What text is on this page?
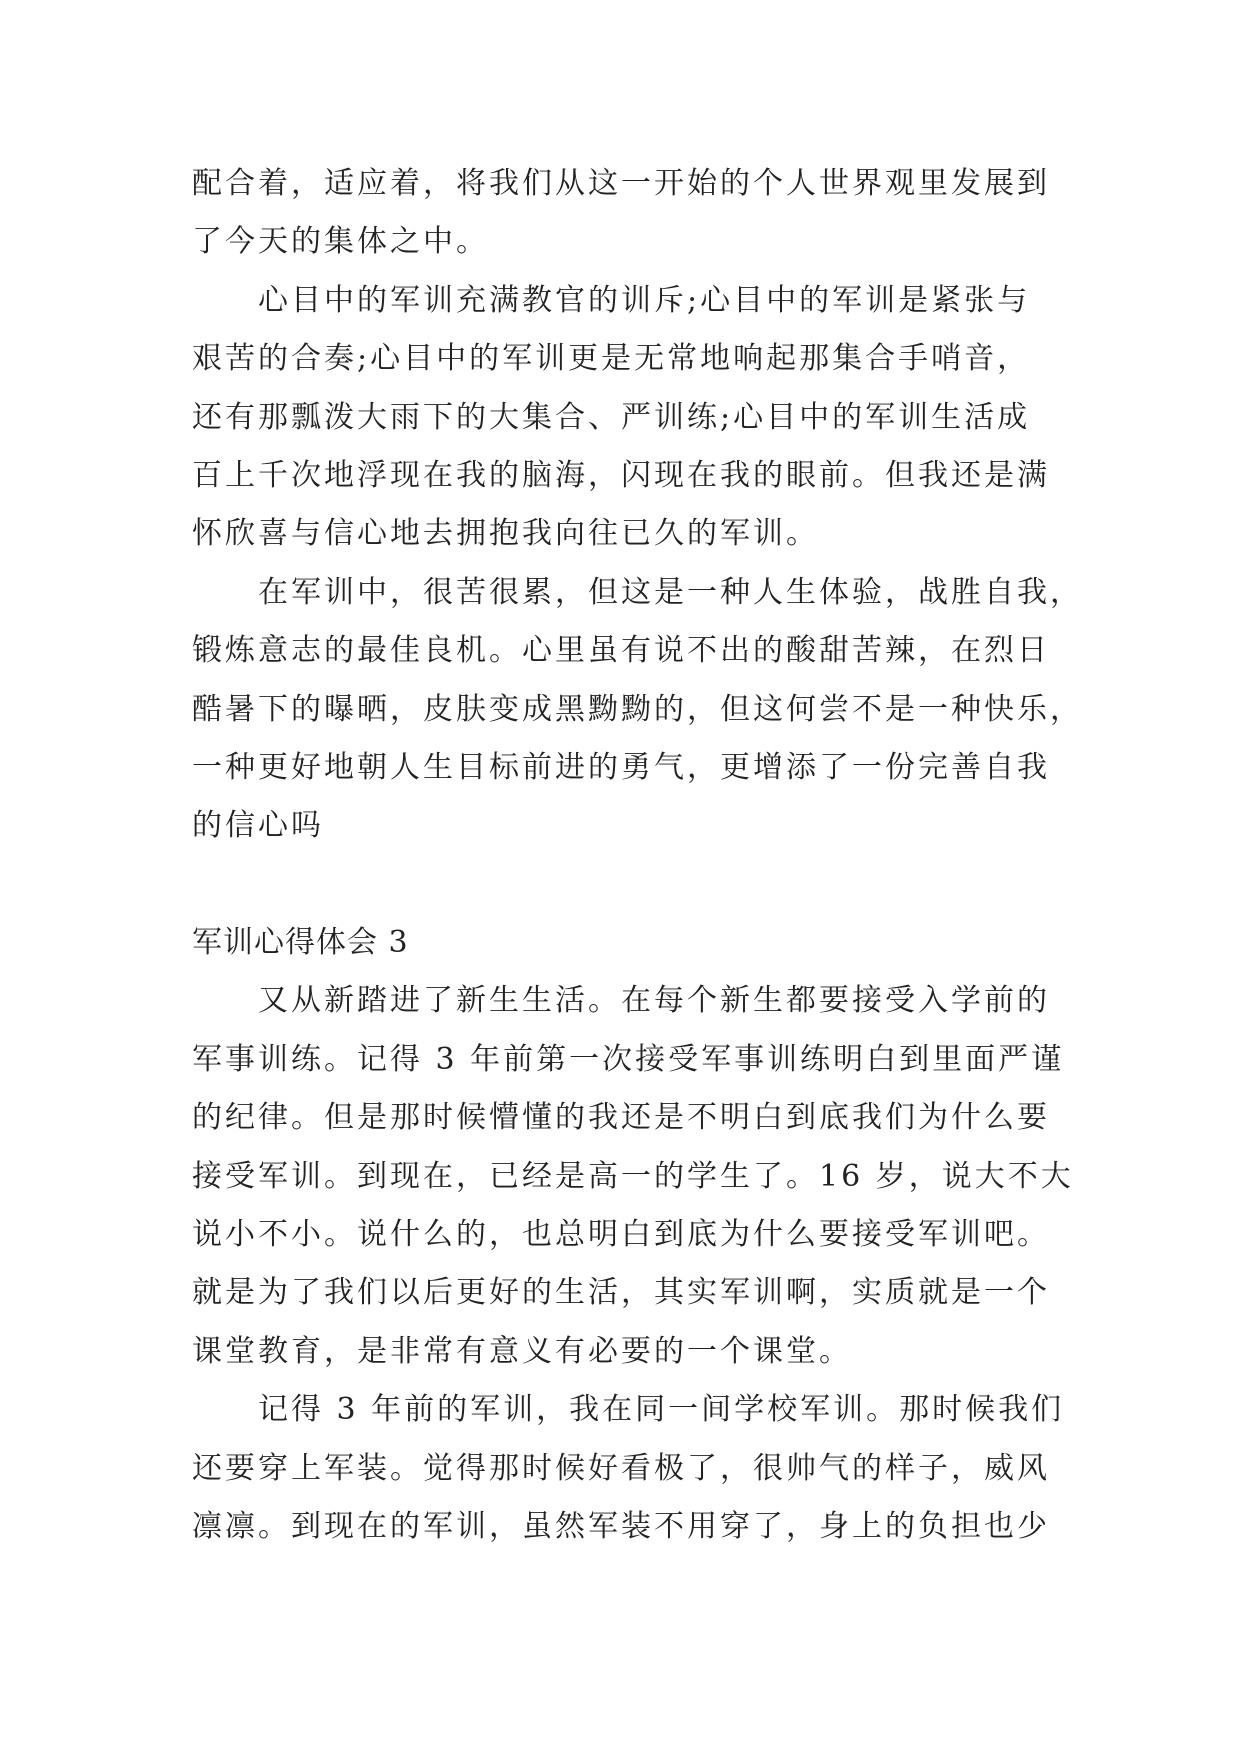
配合着，适应着，将我们从这一开始的个人世界观里发展到
了今天的集体之中。
心目中的军训充满教官的训斥;心目中的军训是紧张与
艰苦的合奏;心目中的军训更是无常地响起那集合手哨音，
还有那瓢泼大雨下的大集合、严训练;心目中的军训生活成
百上千次地浮现在我的脑海，闪现在我的眼前。但我还是满
怀欣喜与信心地去拥抱我向往已久的军训。
在军训中，很苦很累，但这是一种人生体验，战胜自我，
锻炼意志的最佳良机。心里虽有说不出的酸甜苦辣，在烈日
酷暑下的曝晒，皮肤变成黑黝黝的，但这何尝不是一种快乐，
一种更好地朝人生目标前进的勇气，更增添了一份完善自我
的信心吗
军训心得体会 3
又从新踏进了新生生活。在每个新生都要接受入学前的
军事训练。记得 3 年前第一次接受军事训练明白到里面严谨
的纪律。但是那时候懵懂的我还是不明白到底我们为什么要
接受军训。到现在，已经是高一的学生了。16 岁，说大不大
说小不小。说什么的，也总明白到底为什么要接受军训吧。
就是为了我们以后更好的生活，其实军训啊，实质就是一个
课堂教育，是非常有意义有必要的一个课堂。
记得 3 年前的军训，我在同一间学校军训。那时候我们
还要穿上军装。觉得那时候好看极了，很帅气的样子，威风
凛凛。到现在的军训，虽然军装不用穿了，身上的负担也少
